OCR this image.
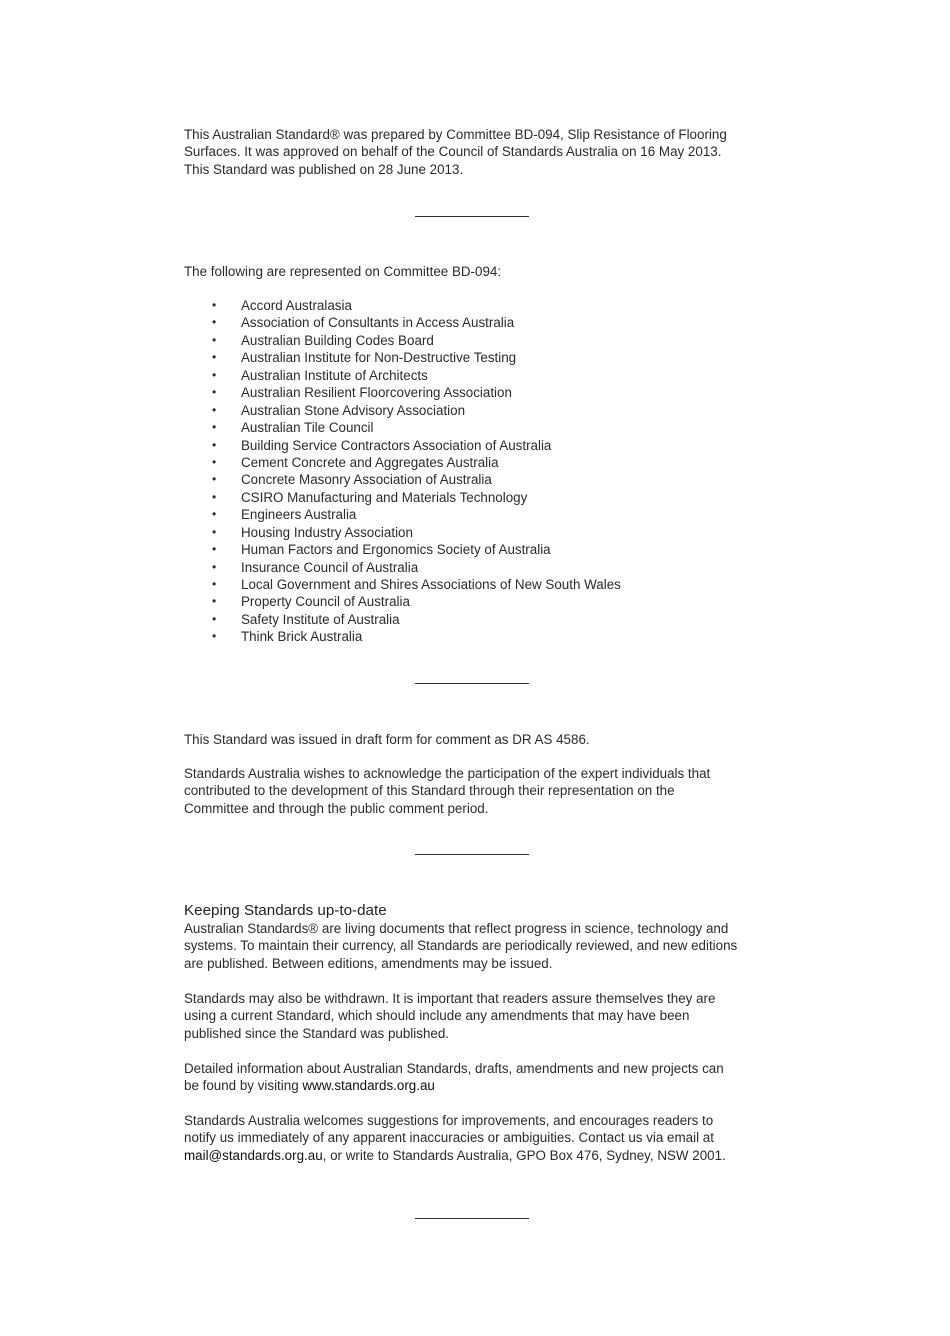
This Australian Standard® was prepared by Committee BD-094, Slip Resistance of Flooring

Surfaces. It was approved on behalf of the Council of Standards Australia on 16 May 2013.

This Standard was published on 28 June 2013.

The following are represented on Committee BD-094:

• Accord Australasia
• Association of Consultants in Access Australia
• Australian Building Codes Board
• Australian Institute for Non-Destructive Testing
• Australian Institute of Architects
• Australian Resilient Floorcovering Association
• Australian Stone Advisory Association
• Australian Tile Council
• Building Service Contractors Association of Australia
• Cement Concrete and Aggregates Australia
• Concrete Masonry Association of Australia
• CSIRO Manufacturing and Materials Technology
• Engineers Australia
• Housing Industry Association
• Human Factors and Ergonomics Society of Australia
• Insurance Council of Australia
• Local Government and Shires Associations of New South Wales
• Property Council of Australia
• Safety Institute of Australia
• Think Brick Australia

This Standard was issued in draft form for comment as DR AS 4586.

Standards Australia wishes to acknowledge the participation of the expert individuals that

contributed to the development of this Standard through their representation on the

Committee and through the public comment period.

Keeping Standards up-to-date

Australian Standards® are living documents that reflect progress in science, technology and

systems. To maintain their currency, all Standards are periodically reviewed, and new editions

are published. Between editions, amendments may be issued.

Standards may also be withdrawn. It is important that readers assure themselves they are

using a current Standard, which should include any amendments that may have been

published since the Standard was published.

Detailed information about Australian Standards, drafts, amendments and new projects can

be found by visiting www.standards.org.au

Standards Australia welcomes suggestions for improvements, and encourages readers to

notify us immediately of any apparent inaccuracies or ambiguities. Contact us via email at

mail@standards.org.au, or write to Standards Australia, GPO Box 476, Sydney, NSW 2001.
